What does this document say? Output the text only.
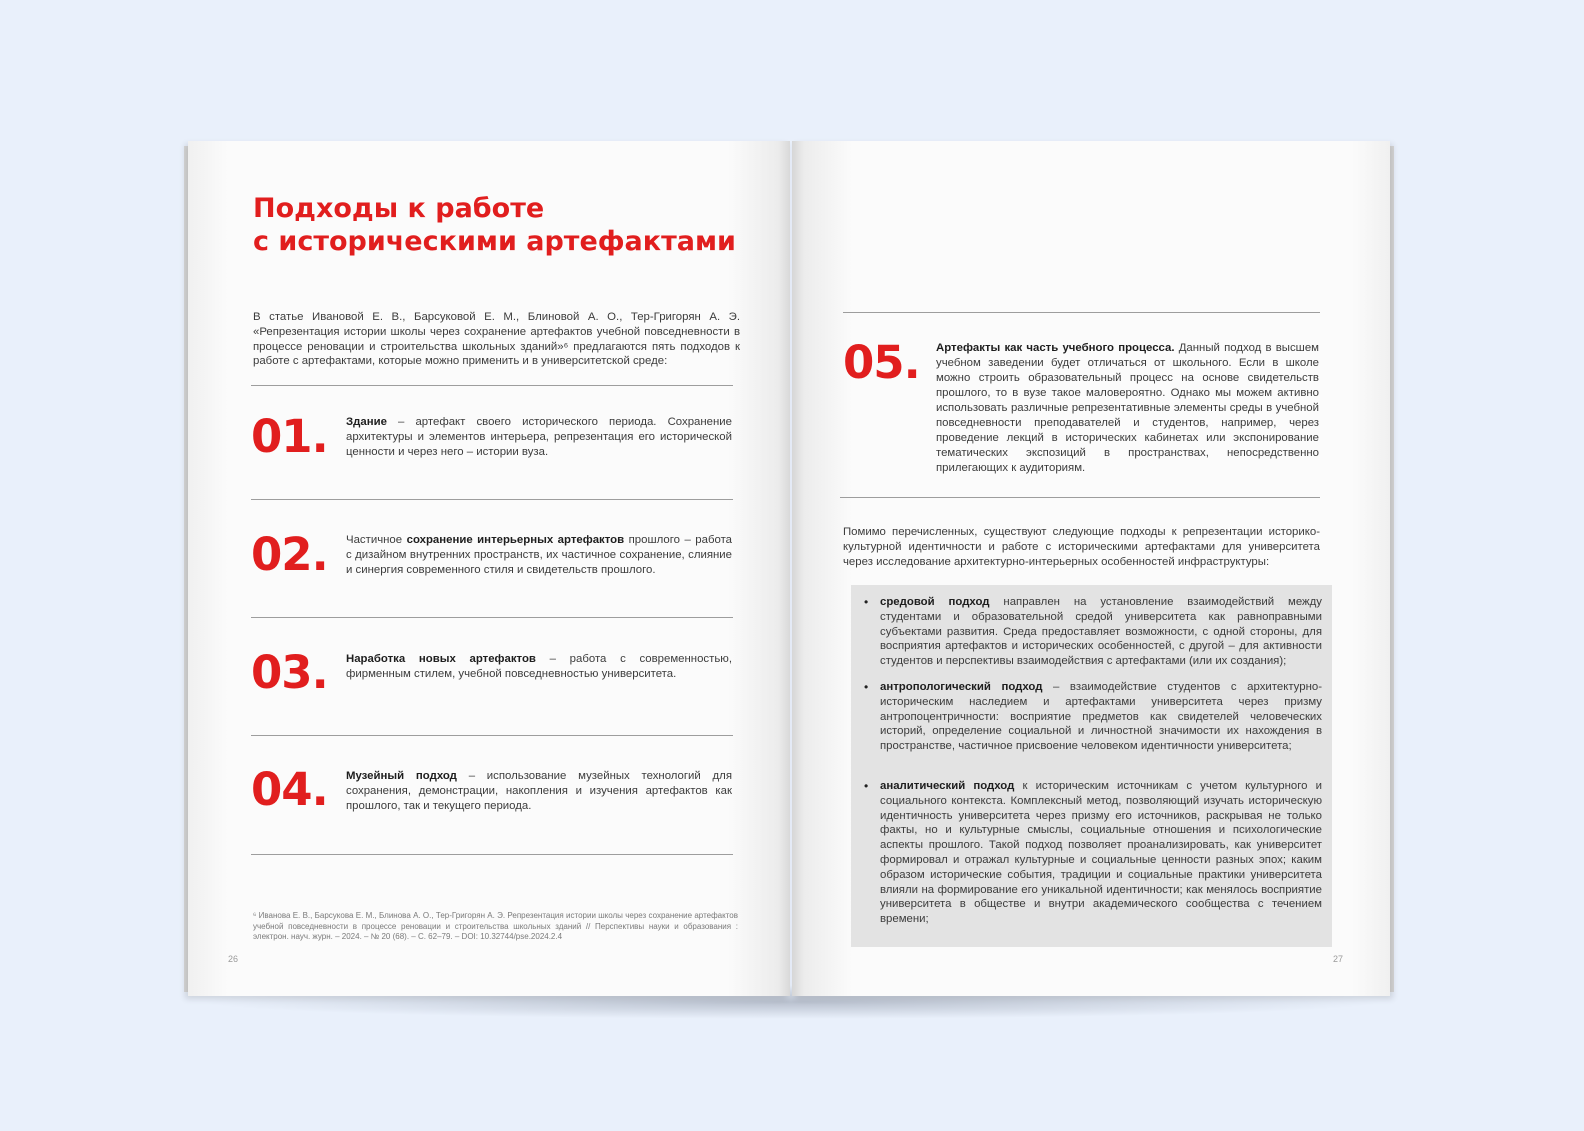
Подходы к работе
с историческими артефактами

В статье Ивановой Е. В., Барсуковой Е. М., Блиновой А. О., Тер-Григорян А. Э. «Репрезентация истории школы через сохранение артефактов учебной повседневности в процессе реновации и строительства школьных зданий»⁶ предлагаются пять подходов к работе с артефактами, которые можно применить и в университетской среде:

01. Здание – артефакт своего исторического периода. Сохранение архитектуры и элементов интерьера, репрезентация его исторической ценности и через него – истории вуза.

02. Частичное сохранение интерьерных артефактов прошлого – работа с дизайном внутренних пространств, их частичное сохранение, слияние и синергия современного стиля и свидетельств прошлого.

03. Наработка новых артефактов – работа с современностью, фирменным стилем, учебной повседневностью университета.

04. Музейный подход – использование музейных технологий для сохранения, демонстрации, накопления и изучения артефактов как прошлого, так и текущего периода.

⁶ Иванова Е. В., Барсукова Е. М., Блинова А. О., Тер-Григорян А. Э. Репрезентация истории школы через сохранение артефактов учебной повседневности в процессе реновации и строительства школьных зданий // Перспективы науки и образования : электрон. науч. журн. – 2024. – № 20 (68). – С. 62–79. – DOI: 10.32744/pse.2024.2.4

26
05. Артефакты как часть учебного процесса. Данный подход в высшем учебном заведении будет отличаться от школьного. Если в школе можно строить образовательный процесс на основе свидетельств прошлого, то в вузе такое маловероятно. Однако мы можем активно использовать различные репрезентативные элементы среды в учебной повседневности преподавателей и студентов, например, через проведение лекций в исторических кабинетах или экспонирование тематических экспозиций в пространствах, непосредственно прилегающих к аудиториям.

Помимо перечисленных, существуют следующие подходы к репрезентации историко-культурной идентичности и работе с историческими артефактами для университета через исследование архитектурно-интерьерных особенностей инфраструктуры:

• средовой подход направлен на установление взаимодействий между студентами и образовательной средой университета как равноправными субъектами развития. Среда предоставляет возможности, с одной стороны, для восприятия артефактов и исторических особенностей, с другой – для активности студентов и перспективы взаимодействия с артефактами (или их создания);

• антропологический подход – взаимодействие студентов с архитектурно-историческим наследием и артефактами университета через призму антропоцентричности: восприятие предметов как свидетелей человеческих историй, определение социальной и личностной значимости их нахождения в пространстве, частичное присвоение человеком идентичности университета;

• аналитический подход к историческим источникам с учетом культурного и социального контекста. Комплексный метод, позволяющий изучать историческую идентичность университета через призму его источников, раскрывая не только факты, но и культурные смыслы, социальные отношения и психологические аспекты прошлого. Такой подход позволяет проанализировать, как университет формировал и отражал культурные и социальные ценности разных эпох; каким образом исторические события, традиции и социальные практики университета влияли на формирование его уникальной идентичности; как менялось восприятие университета в обществе и внутри академического сообщества с течением времени;

27
